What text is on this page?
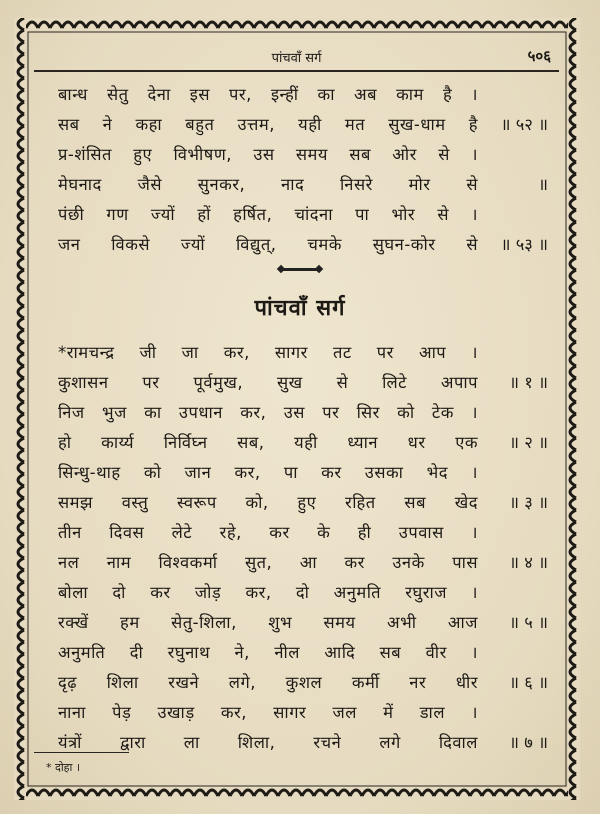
पांचवाँ सर्ग	५०६
बान्ध सेतु देना इस पर, इन्हीं का अब काम है ।
सब ने कहा बहुत उत्तम, यही मत सुख-धाम है	॥ ५२ ॥
प्र-शंसित हुए विभीषण, उस समय सब ओर से ।
मेघनाद जैसे सुनकर, नाद निसरे मोर से	॥
पंछी गण ज्यों हों हर्षित, चांदना पा भोर से ।
जन विकसे ज्यों विद्युत्, चमके सुघन-कोर से	॥ ५३ ॥
पांचवाँ सर्ग
*रामचन्द्र जी जा कर, सागर तट पर आप ।
कुशासन पर पूर्वमुख, सुख से लिटे अपाप	॥ १ ॥
निज भुज का उपधान कर, उस पर सिर को टेक ।
हो कार्य्य निर्विघ्न सब, यही ध्यान धर एक	॥ २ ॥
सिन्धु-थाह को जान कर, पा कर उसका भेद ।
समझ वस्तु स्वरूप को, हुए रहित सब खेद	॥ ३ ॥
तीन दिवस लेटे रहे, कर के ही उपवास ।
नल नाम विश्वकर्मा सुत, आ कर उनके पास	॥ ४ ॥
बोला दो कर जोड़ कर, दो अनुमति रघुराज ।
रक्खें हम सेतु-शिला, शुभ समय अभी आज	॥ ५ ॥
अनुमति दी रघुनाथ ने, नील आदि सब वीर ।
दृढ़ शिला रखने लगे, कुशल कर्मी नर धीर	॥ ६ ॥
नाना पेड़ उखाड़ कर, सागर जल में डाल ।
यंत्रों द्वारा ला शिला, रचने लगे दिवाल	॥ ७ ॥
* दोहा ।
